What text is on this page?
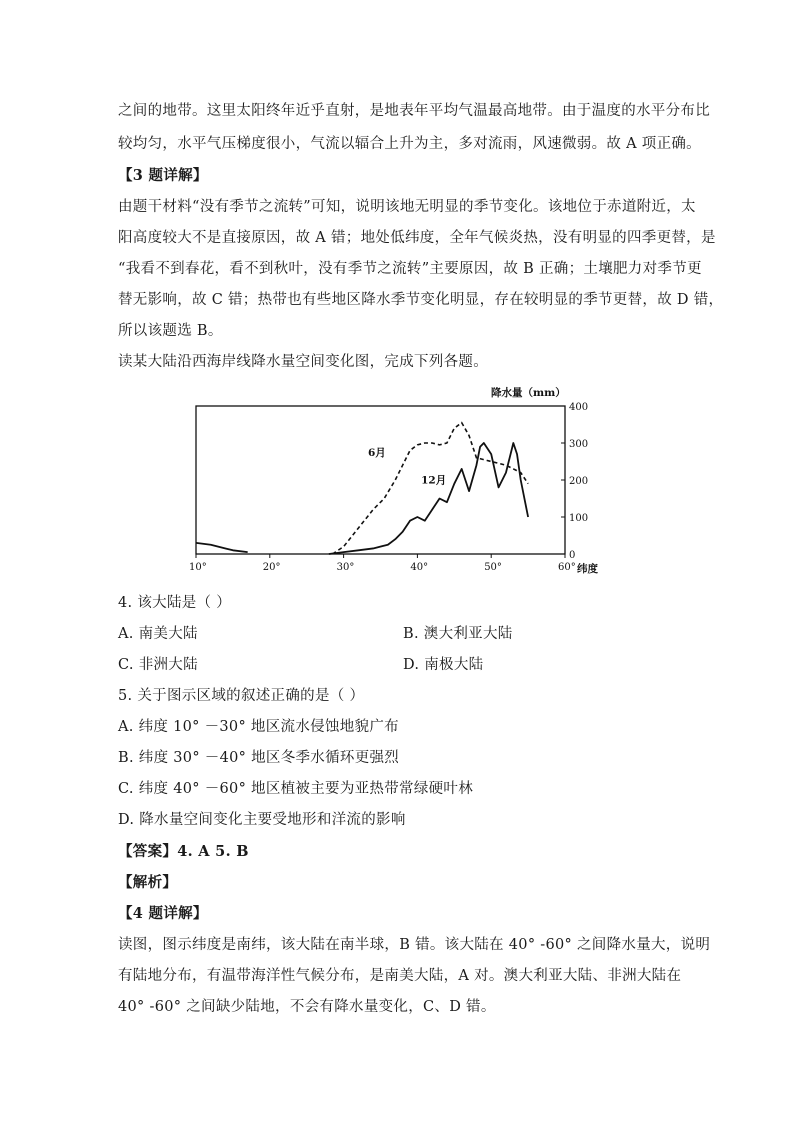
之间的地带。这里太阳终年近乎直射，是地表年平均气温最高地带。由于温度的水平分布比
较均匀，水平气压梯度很小，气流以辐合上升为主，多对流雨，风速微弱。故 A 项正确。
【3 题详解】
由题干材料“没有季节之流转”可知，说明该地无明显的季节变化。该地位于赤道附近，太
阳高度较大不是直接原因，故 A 错；地处低纬度，全年气候炎热，没有明显的四季更替，是
“我看不到春花，看不到秋叶，没有季节之流转”主要原因，故 B 正确；土壤肥力对季节更
替无影响，故 C 错；热带也有些地区降水季节变化明显，存在较明显的季节更替，故 D 错，
所以该题选 B。
读某大陆沿西海岸线降水量空间变化图，完成下列各题。
0
100
200
300
400
10°	20°	30°	40°	50°	60°
6月
12月
降水量（mm）
纬度
4. 该大陆是（ ）
A. 南美大陆	B. 澳大利亚大陆
C. 非洲大陆	D. 南极大陆
5. 关于图示区域的叙述正确的是（ ）
A. 纬度 10° －30° 地区流水侵蚀地貌广布
B. 纬度 30° －40° 地区冬季水循环更强烈
C. 纬度 40° －60° 地区植被主要为亚热带常绿硬叶林
D. 降水量空间变化主要受地形和洋流的影响
【答案】4. A 5. B
【解析】
【4 题详解】
读图，图示纬度是南纬，该大陆在南半球，B 错。该大陆在 40° -60° 之间降水量大，说明
有陆地分布，有温带海洋性气候分布，是南美大陆，A 对。澳大利亚大陆、非洲大陆在
40° -60° 之间缺少陆地，不会有降水量变化，C、D 错。
